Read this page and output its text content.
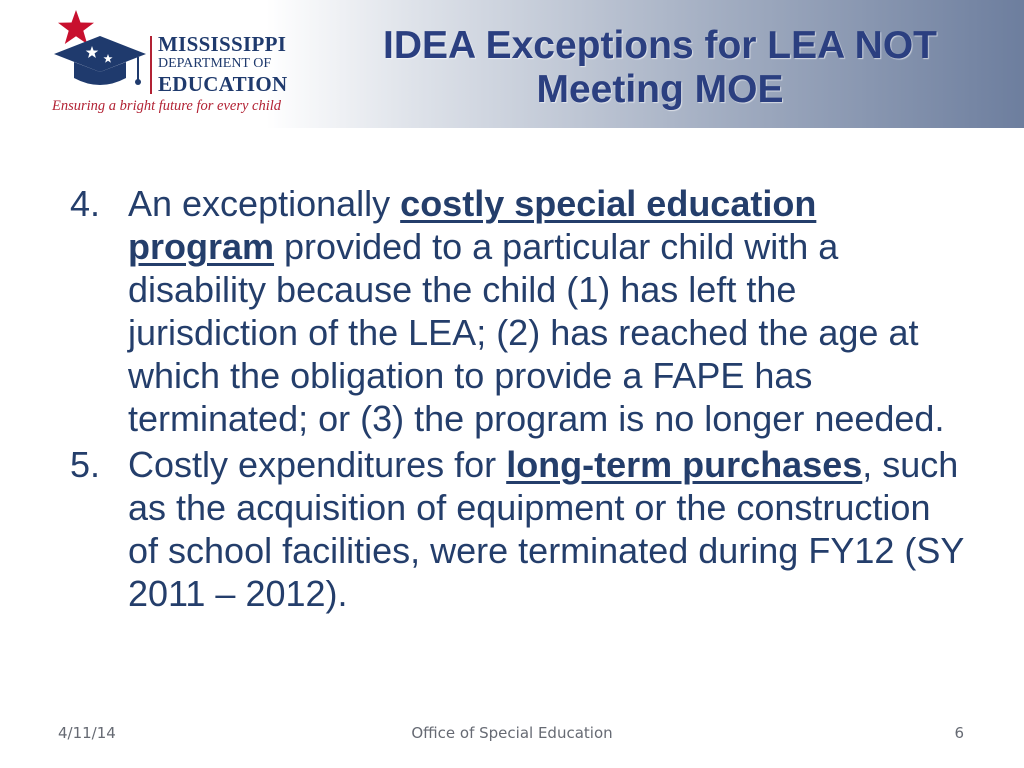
MISSISSIPPI
DEPARTMENT OF
EDUCATION
Ensuring a bright future for every child
IDEA Exceptions for LEA NOT
Meeting MOE
4. An exceptionally costly special education program provided to a particular child with a disability because the child (1) has left the jurisdiction of the LEA; (2) has reached the age at which the obligation to provide a FAPE has terminated; or (3) the program is no longer needed.
5. Costly expenditures for long-term purchases, such as the acquisition of equipment or the construction of school facilities, were terminated during FY12 (SY 2011 – 2012).
4/11/14	Office of Special Education	6
